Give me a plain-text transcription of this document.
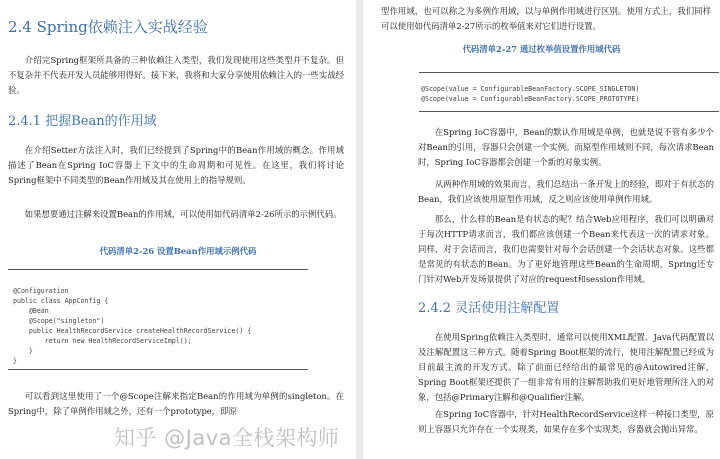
2.4 Spring依赖注入实战经验

介绍完Spring框架所具备的三种依赖注入类型，我们发现使用这些类型并不复杂。但不复杂并不代表开发人员能够用得好。接下来，我将和大家分享使用依赖注入的一些实战经验。

2.4.1 把握Bean的作用域

在介绍Setter方法注入时，我们已经提到了Spring中的Bean作用域的概念。作用域描述了Bean在Spring IoC容器上下文中的生命周期和可见性。在这里，我们将讨论Spring框架中不同类型的Bean作用域及其在使用上的指导规则。

如果想要通过注解来设置Bean的作用域，可以使用如代码清单2-26所示的示例代码。

代码清单2-26 设置Bean作用域示例代码
@Configuration
public class AppConfig {
@Bean
@Scope("singleton")
public HealthRecordService createHealthRecordService() {
return new HealthRecordServiceImpl();
}
}

可以看到这里使用了一个@Scope注解来指定Bean的作用域为单例的singleton。在Spring中，除了单例作用域之外，还有一个prototype，即原

型作用域，也可以称之为多例作用域，以与单例作用域进行区别。使用方式上，我们同样可以使用如代码清单2-27所示的枚举值来对它们进行设置。

代码清单2-27 通过枚举值设置作用域代码
@Scope(value = ConfigurableBeanFactory.SCOPE_SINGLETON)
@Scope(value = ConfigurableBeanFactory.SCOPE_PROTOTYPE)

在Spring IoC容器中，Bean的默认作用域是单例，也就是说不管有多少个对Bean的引用，容器只会创建一个实例。而原型作用域则不同，每次请求Bean时，Spring IoC容器都会创建一个新的对象实例。

从两种作用域的效果而言，我们总结出一条开发上的经验，即对于有状态的Bean，我们应该使用原型作用域，反之则应该使用单例作用域。

那么，什么样的Bean是有状态的呢？结合Web应用程序，我们可以明确对于每次HTTP请求而言，我们都应该创建一个Bean来代表这一次的请求对象。同样，对于会话而言，我们也需要针对每个会话创建一个会话状态对象。这些都是常见的有状态的Bean。为了更好地管理这些Bean的生命周期，Spring还专门针对Web开发场景提供了对应的request和session作用域。

2.4.2 灵活使用注解配置

在使用Spring依赖注入类型时，通常可以使用XML配置、Java代码配置以及注解配置这三种方式。随着Spring Boot框架的流行，使用注解配置已经成为目前最主流的开发方式。除了前面已经给出的最常见的@Autowired注解，Spring Boot框架还提供了一组非常有用的注解帮助我们更好地管理所注入的对象，包括@Primary注解和@Qualifier注解。

在Spring IoC容器中，针对HealthRecordService这样一种接口类型，原则上容器只允许存在一个实现类，如果存在多个实现类，容器就会抛出异常。

知乎 @Java全栈架构师
